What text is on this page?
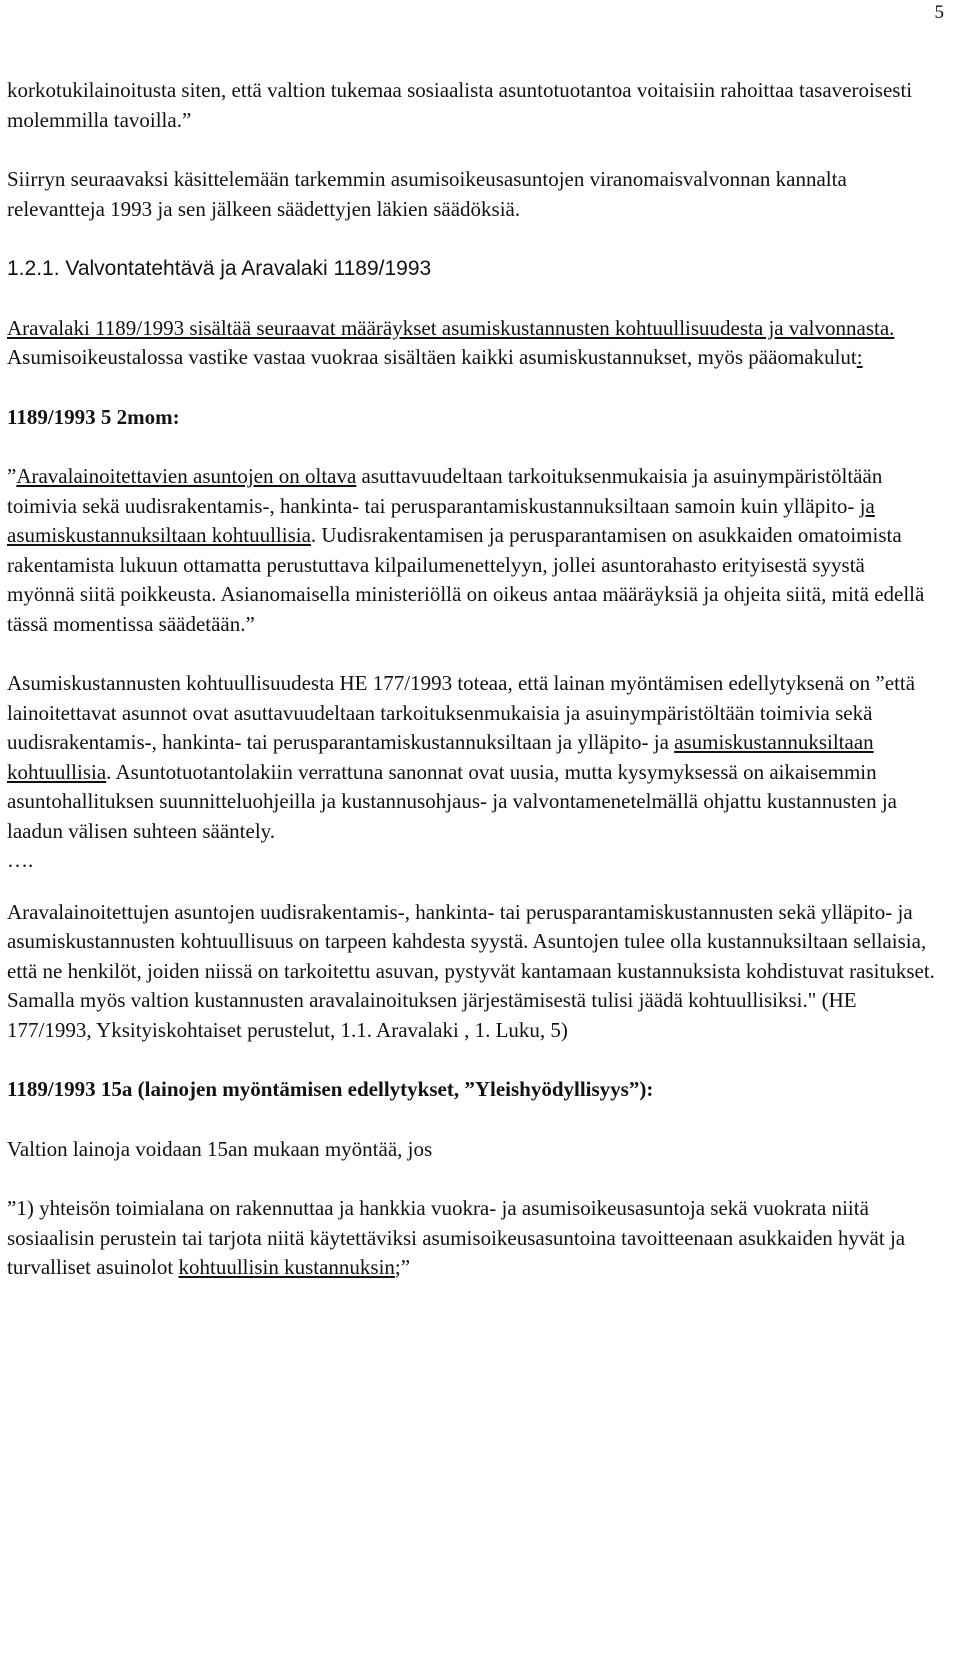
5

korkotukilainoitusta siten, että valtion tukemaa sosiaalista asuntotuotantoa voitaisiin rahoittaa tasaveroisesti molemmilla tavoilla.”

Siirryn seuraavaksi käsittelemään tarkemmin asumisoikeusasuntojen viranomaisvalvonnan kannalta relevantteja 1993 ja sen jälkeen säädettyjen läkien säädöksiä.

1.2.1. Valvontatehtävä ja Aravalaki 1189/1993

Aravalaki 1189/1993 sisältää seuraavat määräykset asumiskustannusten kohtuullisuudesta ja valvonnasta. Asumisoikeustalossa vastike vastaa vuokraa sisältäen kaikki asumiskustannukset, myös pääomakulut:

1189/1993 5 2mom:

”Aravalainoitettavien asuntojen on oltava asuttavuudeltaan tarkoituksenmukaisia ja asuinympäristöltään toimivia sekä uudisrakentamis-, hankinta- tai perusparantamiskustannuksiltaan samoin kuin ylläpito- ja asumiskustannuksiltaan kohtuullisia. Uudisrakentamisen ja perusparantamisen on asukkaiden omatoimista rakentamista lukuun ottamatta perustuttava kilpailumenettelyyn, jollei asuntorahasto erityisestä syystä myönnä siitä poikkeusta. Asianomaisella ministeriöllä on oikeus antaa määräyksiä ja ohjeita siitä, mitä edellä tässä momentissa säädetään.”

Asumiskustannusten kohtuullisuudesta HE 177/1993 toteaa, että lainan myöntämisen edellytyksenä on ”että lainoitettavat asunnot ovat asuttavuudeltaan tarkoituksenmukaisia ja asuinympäristöltään toimivia sekä uudisrakentamis-, hankinta- tai perusparantamiskustannuksiltaan ja ylläpito- ja asumiskustannuksiltaan kohtuullisia. Asuntotuotantolakiin verrattuna sanonnat ovat uusia, mutta kysymyksessä on aikaisemmin asuntohallituksen suunnitteluohjeilla ja kustannusohjaus- ja valvontamenetelmällä ohjattu kustannusten ja laadun välisen suhteen sääntely.

….

Aravalainoitettujen asuntojen uudisrakentamis-, hankinta- tai perusparantamiskustannusten sekä ylläpito- ja asumiskustannusten kohtuullisuus on tarpeen kahdesta syystä. Asuntojen tulee olla kustannuksiltaan sellaisia, että ne henkilöt, joiden niissä on tarkoitettu asuvan, pystyvät kantamaan kustannuksista kohdistuvat rasitukset. Samalla myös valtion kustannusten aravalainoituksen järjestämisestä tulisi jäädä kohtuullisiksi." (HE 177/1993, Yksityiskohtaiset perustelut, 1.1. Aravalaki , 1. Luku, 5)

1189/1993 15a (lainojen myöntämisen edellytykset, ”Yleishyödyllisyys”):

Valtion lainoja voidaan 15an mukaan myöntää, jos

”1) yhteisön toimialana on rakennuttaa ja hankkia vuokra- ja asumisoikeusasuntoja sekä vuokrata niitä sosiaalisin perustein tai tarjota niitä käytettäviksi asumisoikeusasuntoina tavoitteenaan asukkaiden hyvät ja turvalliset asuinolot kohtuullisin kustannuksin;”
